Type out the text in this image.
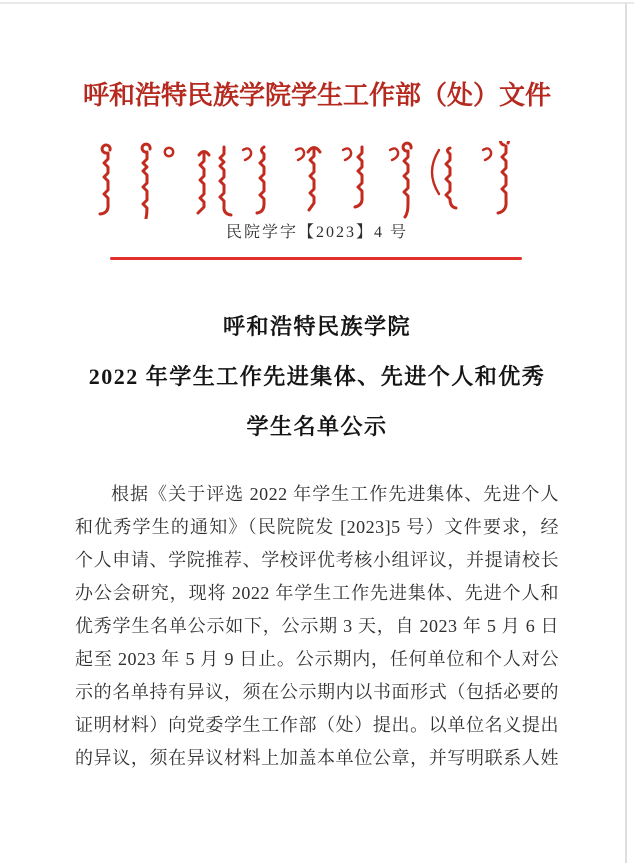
呼和浩特民族学院学生工作部（处）文件
民院学字【2023】4 号
呼和浩特民族学院
2022 年学生工作先进集体、先进个人和优秀
学生名单公示
根据《关于评选 2022 年学生工作先进集体、先进个人
和优秀学生的通知》（民院院发 [2023]5 号）文件要求，经
个人申请、学院推荐、学校评优考核小组评议，并提请校长
办公会研究，现将 2022 年学生工作先进集体、先进个人和
优秀学生名单公示如下，公示期 3 天，自 2023 年 5 月 6 日
起至 2023 年 5 月 9 日止。公示期内，任何单位和个人对公
示的名单持有异议，须在公示期内以书面形式（包括必要的
证明材料）向党委学生工作部（处）提出。以单位名义提出
的异议，须在异议材料上加盖本单位公章，并写明联系人姓
